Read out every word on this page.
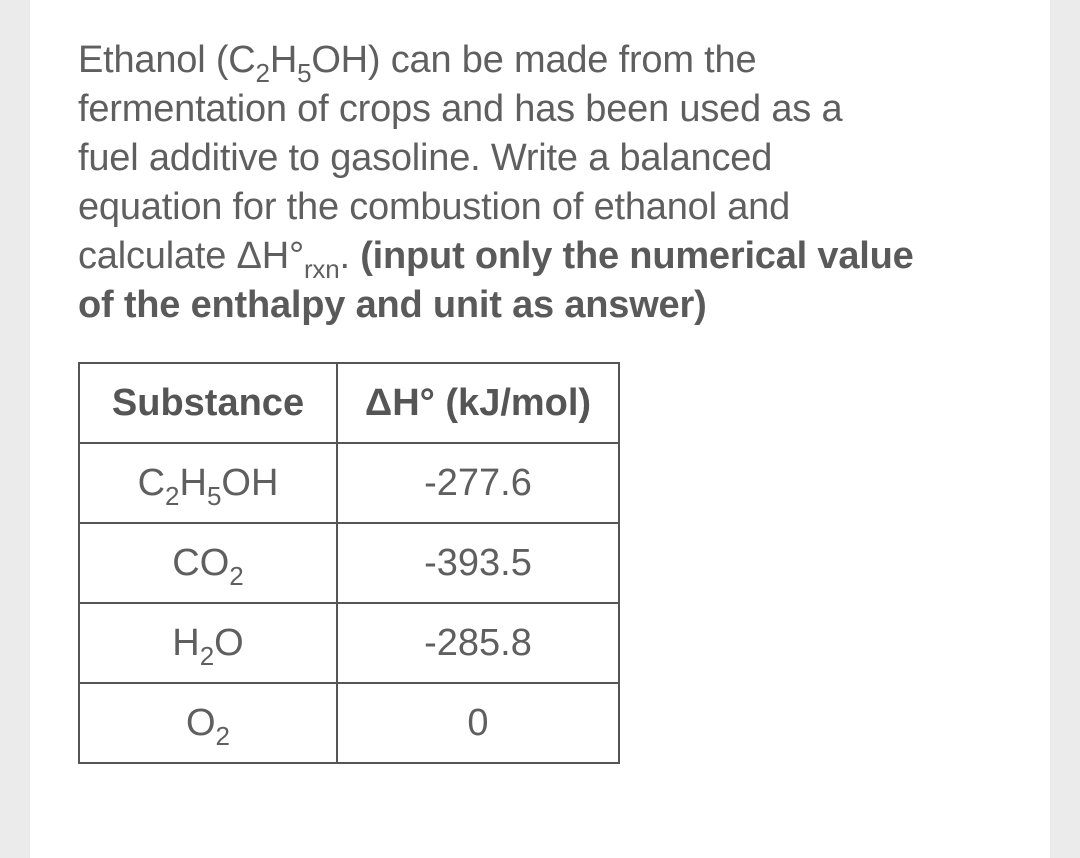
Ethanol $(C_2H_5OH)$ can be made from the
fermentation of crops and has been used as a
fuel additive to gasoline. Write a balanced
equation for the combustion of ethanol and
calculate $\Delta H^\circ_{rxn}$. (input only the numerical value
of the enthalpy and unit as answer)
Substance	ΔH° (kJ/mol)
$C_2H_5OH$	-277.6
$CO_2$	-393.5
$H_2O$	-285.8
$O_2$	0
